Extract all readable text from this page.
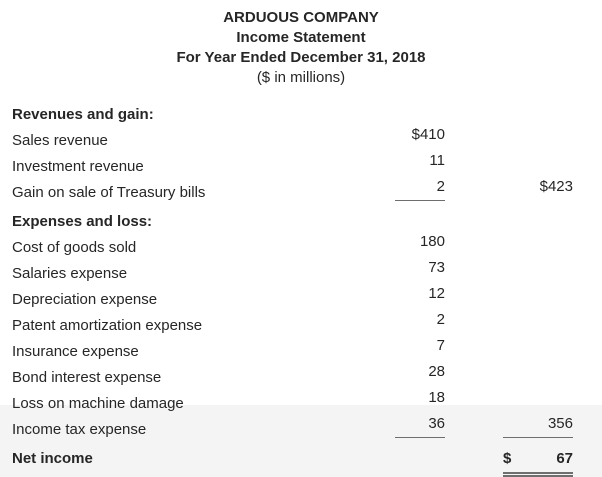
ARDUOUS COMPANY
Income Statement
For Year Ended December 31, 2018
($ in millions)
Revenues and gain:
Sales revenue	$410
Investment revenue	11
Gain on sale of Treasury bills	2	$423
Expenses and loss:
Cost of goods sold	180
Salaries expense	73
Depreciation expense	12
Patent amortization expense	2
Insurance expense	7
Bond interest expense	28
Loss on machine damage	18
Income tax expense	36	356
Net income	$	67
